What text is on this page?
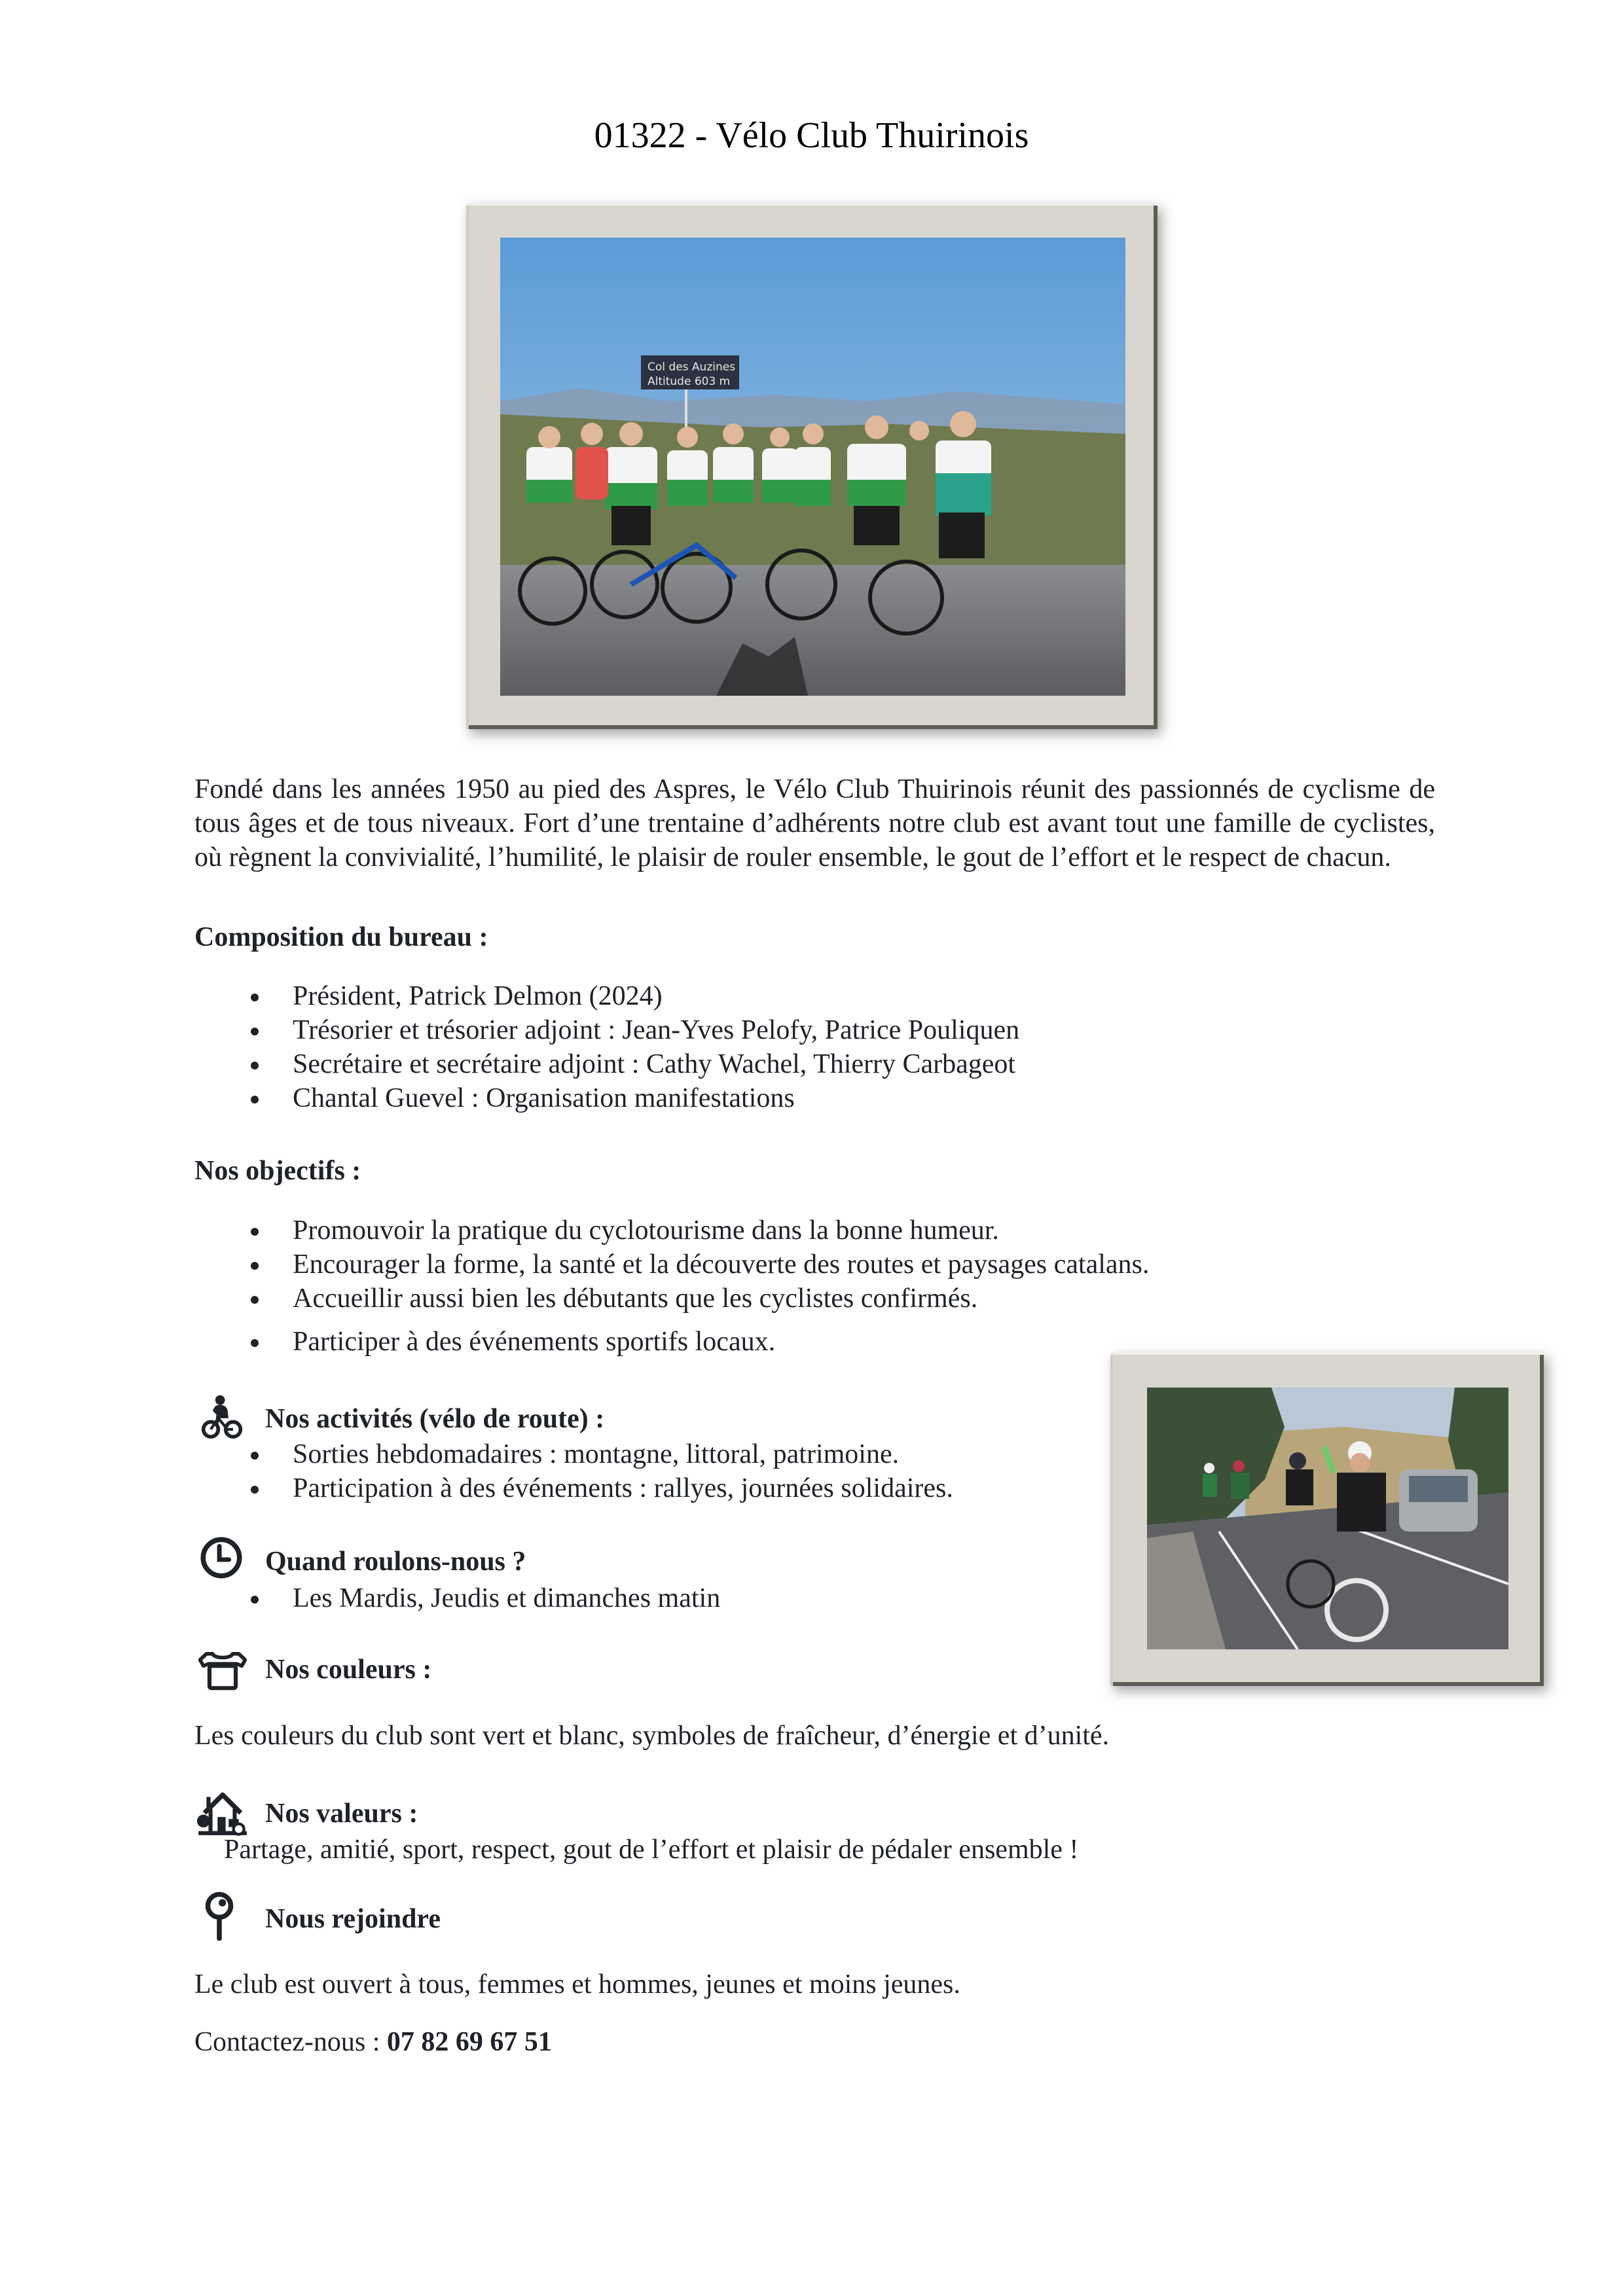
01322 - Vélo Club Thuirinois
Col des Auzines
Altitude 603 m
Fondé dans les années 1950 au pied des Aspres, le Vélo Club Thuirinois réunit des passionnés de cyclisme de tous âges et de tous niveaux. Fort d’une trentaine d’adhérents notre club est avant tout une famille de cyclistes, où règnent la convivialité, l’humilité, le plaisir de rouler ensemble, le gout de l’effort et le respect de chacun.
Composition du bureau :
Président, Patrick Delmon (2024)
Trésorier et trésorier adjoint : Jean-Yves Pelofy, Patrice Pouliquen
Secrétaire et secrétaire adjoint : Cathy Wachel, Thierry Carbageot
Chantal Guevel : Organisation manifestations
Nos objectifs :
Promouvoir la pratique du cyclotourisme dans la bonne humeur.
Encourager la forme, la santé et la découverte des routes et paysages catalans.
Accueillir aussi bien les débutants que les cyclistes confirmés.
Participer à des événements sportifs locaux.
Nos activités (vélo de route) :
Sorties hebdomadaires : montagne, littoral, patrimoine.
Participation à des événements : rallyes, journées solidaires.
Quand roulons-nous ?
Les Mardis, Jeudis et dimanches matin
Nos couleurs :
Les couleurs du club sont vert et blanc, symboles de fraîcheur, d’énergie et d’unité.
Nos valeurs :
Partage, amitié, sport, respect, gout de l’effort et plaisir de pédaler ensemble !
Nous rejoindre
Le club est ouvert à tous, femmes et hommes, jeunes et moins jeunes.
Contactez-nous : 07 82 69 67 51
